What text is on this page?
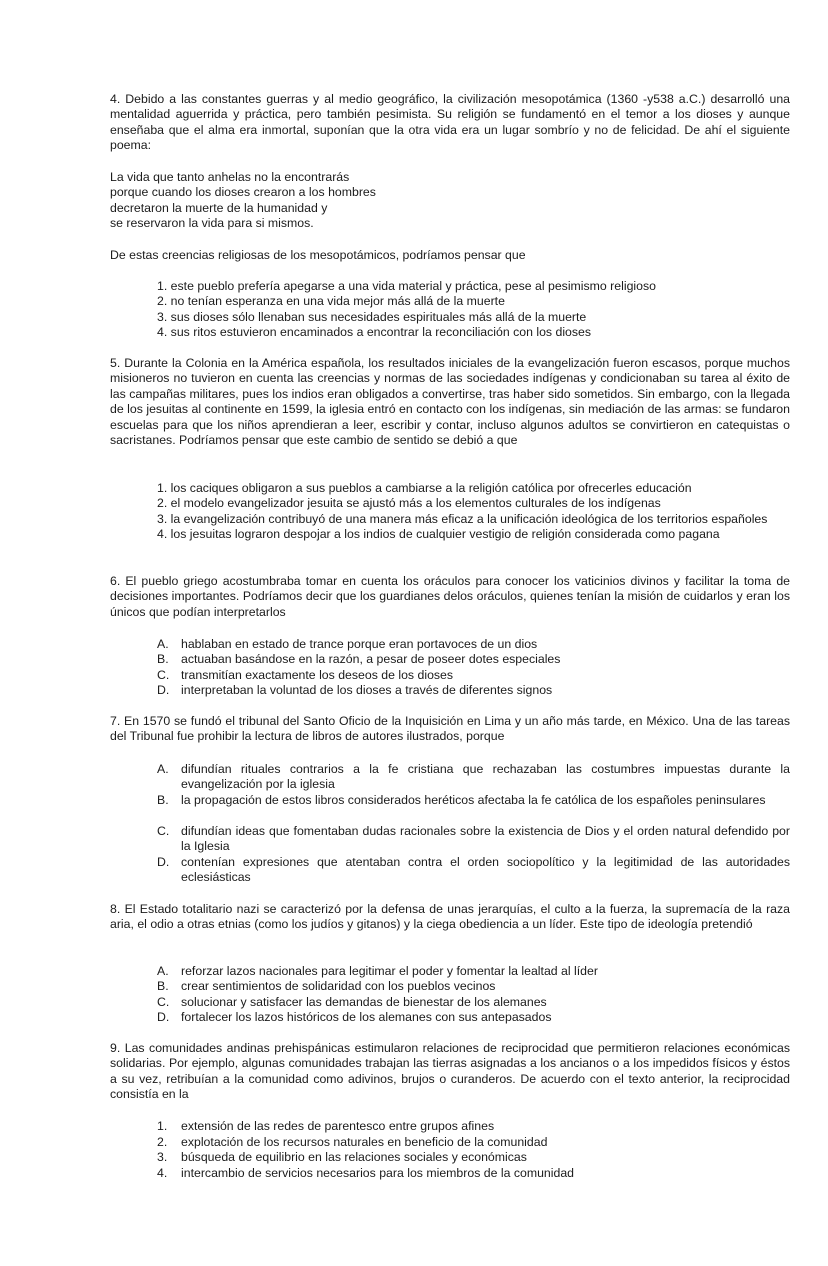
4. Debido a las constantes guerras y al medio geográfico, la civilización mesopotámica (1360 -y538 a.C.) desarrolló una mentalidad aguerrida y práctica, pero también pesimista. Su religión se fundamentó en el temor a los dioses y aunque enseñaba que el alma era inmortal, suponían que la otra vida era un lugar sombrío y no de felicidad. De ahí el siguiente poema:

La vida que tanto anhelas no la encontrarás
porque cuando los dioses crearon a los hombres
decretaron la muerte de la humanidad y
se reservaron la vida para si mismos.

De estas creencias religiosas de los mesopotámicos, podríamos pensar que

1. este pueblo prefería apegarse a una vida material y práctica, pese al pesimismo religioso
2. no tenían esperanza en una vida mejor más allá de la muerte
3. sus dioses sólo llenaban sus necesidades espirituales más allá de la muerte
4. sus ritos estuvieron encaminados a encontrar la reconciliación con los dioses

5. Durante la Colonia en la América española, los resultados iniciales de la evangelización fueron escasos, porque muchos misioneros no tuvieron en cuenta las creencias y normas de las sociedades indígenas y condicionaban su tarea al éxito de las campañas militares, pues los indios eran obligados a convertirse, tras haber sido sometidos. Sin embargo, con la llegada de los jesuitas al continente en 1599, la iglesia entró en contacto con los indígenas, sin mediación de las armas: se fundaron escuelas para que los niños aprendieran a leer, escribir y contar, incluso algunos adultos se convirtieron en catequistas o sacristanes. Podríamos pensar que este cambio de sentido se debió a que

1. los caciques obligaron a sus pueblos a cambiarse a la religión católica por ofrecerles educación
2. el modelo evangelizador jesuita se ajustó más a los elementos culturales de los indígenas
3. la evangelización contribuyó de una manera más eficaz a la unificación ideológica de los territorios españoles
4. los jesuitas lograron despojar a los indios de cualquier vestigio de religión considerada como pagana

6. El pueblo griego acostumbraba tomar en cuenta los oráculos para conocer los vaticinios divinos y facilitar la toma de decisiones importantes. Podríamos decir que los guardianes delos oráculos, quienes tenían la misión de cuidarlos y eran los únicos que podían interpretarlos

A. hablaban en estado de trance porque eran portavoces de un dios
B. actuaban basándose en la razón, a pesar de poseer dotes especiales
C. transmitían exactamente los deseos de los dioses
D. interpretaban la voluntad de los dioses a través de diferentes signos

7. En 1570 se fundó el tribunal del Santo Oficio de la Inquisición en Lima y un año más tarde, en México. Una de las tareas del Tribunal fue prohibir la lectura de libros de autores ilustrados, porque

A. difundían rituales contrarios a la fe cristiana que rechazaban las costumbres impuestas durante la evangelización por la iglesia
B. la propagación de estos libros considerados heréticos afectaba la fe católica de los españoles peninsulares
C. difundían ideas que fomentaban dudas racionales sobre la existencia de Dios y el orden natural defendido por la Iglesia
D. contenían expresiones que atentaban contra el orden sociopolítico y la legitimidad de las autoridades eclesiásticas

8. El Estado totalitario nazi se caracterizó por la defensa de unas jerarquías, el culto a la fuerza, la supremacía de la raza aria, el odio a otras etnias (como los judíos y gitanos) y la ciega obediencia a un líder. Este tipo de ideología pretendió

A. reforzar lazos nacionales para legitimar el poder y fomentar la lealtad al líder
B. crear sentimientos de solidaridad con los pueblos vecinos
C. solucionar y satisfacer las demandas de bienestar de los alemanes
D. fortalecer los lazos históricos de los alemanes con sus antepasados

9. Las comunidades andinas prehispánicas estimularon relaciones de reciprocidad que permitieron relaciones económicas solidarias. Por ejemplo, algunas comunidades trabajan las tierras asignadas a los ancianos o a los impedidos físicos y éstos a su vez, retribuían a la comunidad como adivinos, brujos o curanderos. De acuerdo con el texto anterior, la reciprocidad consistía en la

1. extensión de las redes de parentesco entre grupos afines
2. explotación de los recursos naturales en beneficio de la comunidad
3. búsqueda de equilibrio en las relaciones sociales y económicas
4. intercambio de servicios necesarios para los miembros de la comunidad
